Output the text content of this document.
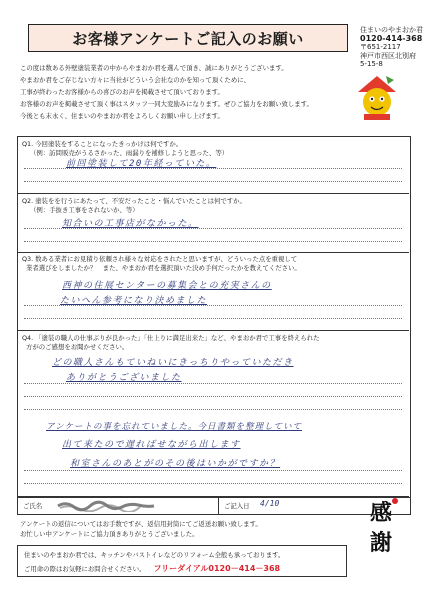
お客様アンケートご記入のお願い	住まいのやまおか君
0120-414-368
〒651-2117
神戸市西区北別府
5-15-8
この度は数ある外壁塗装業者の中からやまおか君を選んで頂き、誠にありがとうございます。
やまおか君をご存じない方々に当社がどういう会社なのかを知って頂くために、
工事が終わったお客様からの喜びのお声を掲載させて頂いております。
お客様のお声を掲載させて頂く事はスタッフ一同大変励みになります。ぜひご協力をお願い致します。
今後とも末永く、住まいのやまおか君をよろしくお願い申し上げます。
Q1. 今回塗装をすることになったきっかけは何ですか。
（例：訪問販売がうるさかった、雨漏りを補修しようと思った、等）
前回塗装して20年経っていた。
Q2. 塗装をを行うにあたって、不安だったこと・悩んでいたことは何ですか。
（例：手抜き工事をされないか、等）
知合いの工事店がなかった。
Q3. 数ある業者にお見積り依頼され様々な対応をされたと思いますが、どういった点を重視して
業者選びをしましたか？　また、やまおか君を選択頂いた決め手何だったかを教えてください。
西神の住展センターの募集会との充実さんの
たいへん参考になり決めました
Q4. 「塗装の職人の仕事ぶりが良かった」「仕上りに満足出来た」など、やまおか君で工事を終えられた
方がのご感想をお聞かせください。
どの職人さんもていねいにきっちりやっていただき
ありがとうございました
アンケートの事を忘れていました。今日書類を整理していて
出て来たので遅ればせながら出します
和室さんのあとがのその後はいかがですか？
ご氏名	ご記入日 4/10
アンケートの返信についてはお手数ですが、返信用封筒にてご返送お願い致します。
お忙しい中アンケートにご協力頂きありがとうございました。
住まいのやまおか君では、キッチンやバストイレなどのリフォーム全般も承っております。
ご用命の際はお気軽にお問合せください。 フリーダイアル0120－414－368
感
謝
